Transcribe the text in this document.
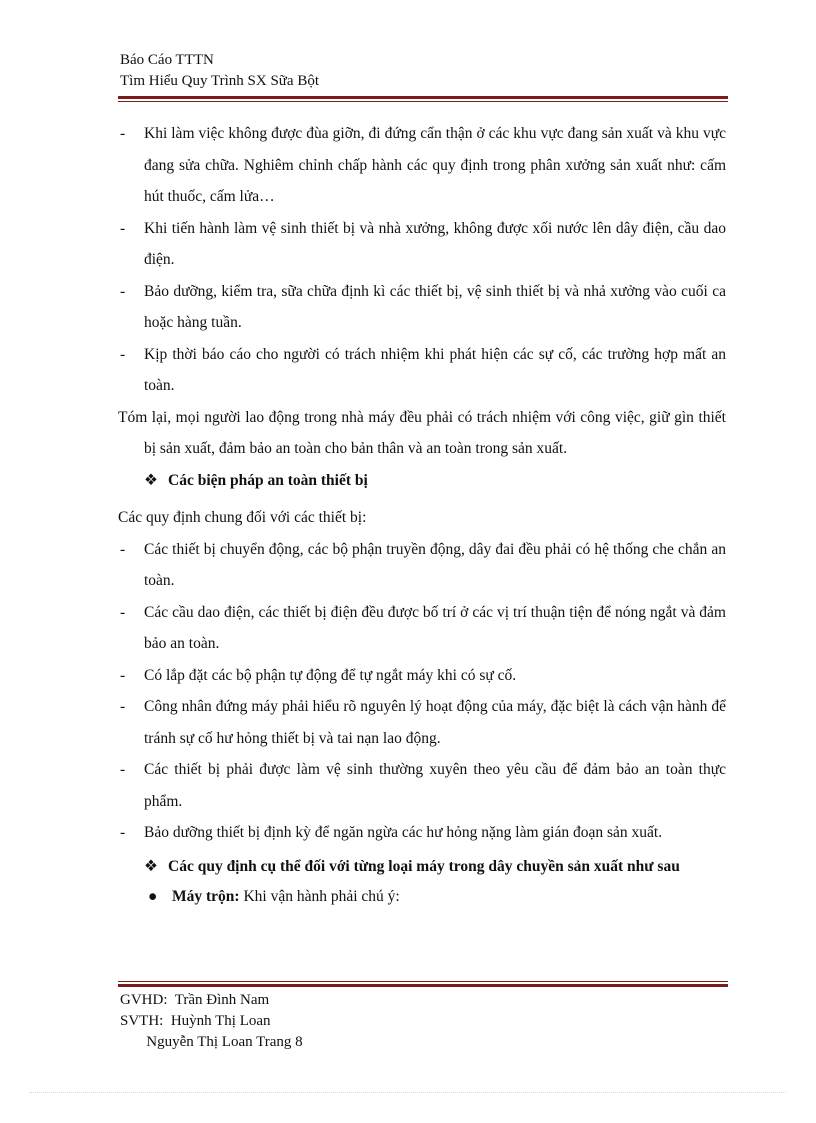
Báo Cáo TTTN
Tìm Hiểu Quy Trình SX Sữa Bột
- Khi làm việc không được đùa giỡn, đi đứng cẩn thận ở các khu vực đang sản xuất và khu vực đang sửa chữa. Nghiêm chỉnh chấp hành các quy định trong phân xưởng sản xuất như: cấm hút thuốc, cấm lửa…
- Khi tiến hành làm vệ sinh thiết bị và nhà xưởng, không được xối nước lên dây điện, cầu dao điện.
- Bảo dưỡng, kiểm tra, sữa chữa định kì các thiết bị, vệ sinh thiết bị và nhả xưởng vào cuối ca hoặc hàng tuần.
- Kịp thời báo cáo cho người có trách nhiệm khi phát hiện các sự cố, các trường hợp mất an toàn.
Tóm lại, mọi người lao động trong nhà máy đều phải có trách nhiệm với công việc, giữ gìn thiết bị sản xuất, đảm bảo an toàn cho bản thân và an toàn trong sản xuất.
❖ Các biện pháp an toàn thiết bị
Các quy định chung đối với các thiết bị:
- Các thiết bị chuyển động, các bộ phận truyền động, dây đai đều phải có hệ thống che chắn an toàn.
- Các cầu dao điện, các thiết bị điện đều được bố trí ở các vị trí thuận tiện để nóng ngắt và đảm bảo an toàn.
- Có lắp đặt các bộ phận tự động để tự ngắt máy khi có sự cố.
- Công nhân đứng máy phải hiểu rõ nguyên lý hoạt động của máy, đặc biệt là cách vận hành để tránh sự cố hư hỏng thiết bị và tai nạn lao động.
- Các thiết bị phải được làm vệ sinh thường xuyên theo yêu cầu để đảm bảo an toàn thực phẩm.
- Bảo dưỡng thiết bị định kỳ để ngăn ngừa các hư hỏng nặng làm gián đoạn sản xuất.
❖ Các quy định cụ thể đối với từng loại máy trong dây chuyền sản xuất như sau
● Máy trộn: Khi vận hành phải chú ý:
GVHD:  Trần Đình Nam
SVTH:  Huỳnh Thị Loan
Nguyễn Thị Loan Trang 8
